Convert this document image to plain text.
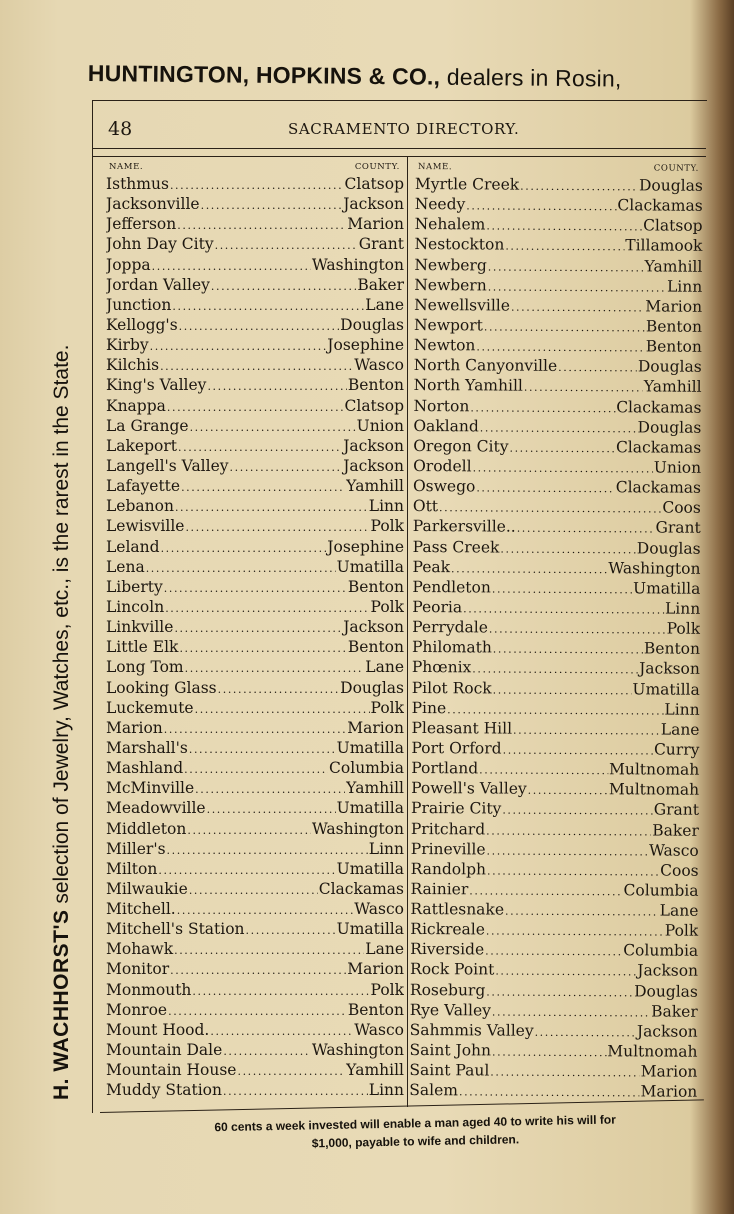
HUNTINGTON, HOPKINS & CO., dealers in Rosin,
H. WACHHORST'S selection of Jewelry, Watches, etc., is the rarest in the State.
48	SACRAMENTO DIRECTORY.
NAME.	COUNTY.
Isthmus .....	Clatsop
Jacksonville .....	Jackson
Jefferson .....	Marion
John Day City .....	Grant
Joppa .....	Washington
Jordan Valley .....	Baker
Junction .....	Lane
Kellogg's .....	Douglas
Kirby .....	Josephine
Kilchis .....	Wasco
King's Valley .....	Benton
Knappa .....	Clatsop
La Grange .....	Union
Lakeport .....	Jackson
Langell's Valley .....	Jackson
Lafayette .....	Yamhill
Lebanon .....	Linn
Lewisville .....	Polk
Leland .....	Josephine
Lena .....	Umatilla
Liberty .....	Benton
Lincoln .....	Polk
Linkville .....	Jackson
Little Elk .....	Benton
Long Tom .....	Lane
Looking Glass .....	Douglas
Luckemute .....	Polk
Marion .....	Marion
Marshall's .....	Umatilla
Mashland .....	Columbia
McMinville .....	Yamhill
Meadowville .....	Umatilla
Middleton .....	Washington
Miller's .....	Linn
Milton .....	Umatilla
Milwaukie .....	Clackamas
Mitchell. .....	Wasco
Mitchell's Station .....	Umatilla
Mohawk .....	Lane
Monitor .....	Marion
Monmouth .....	Polk
Monroe .....	Benton
Mount Hood. .....	Wasco
Mountain Dale .....	Washington
Mountain House .....	Yamhill
Muddy Station .....	Linn
NAME.	COUNTY.
Myrtle Creek .....	Douglas
Needy .....	Clackamas
Nehalem .....	Clatsop
Nestockton .....	Tillamook
Newberg .....	Yamhill
Newbern .....	Linn
Newellsville .....	Marion
Newport .....	Benton
Newton .....	Benton
North Canyonville .....	Douglas
North Yamhill .....	Yamhill
Norton .....	Clackamas
Oakland .....	Douglas
Oregon City .....	Clackamas
Orodell .....	Union
Oswego .....	Clackamas
Ott .....	Coos
Parkersville.. .....	Grant
Pass Creek .....	Douglas
Peak .....	Washington
Pendleton .....	Umatilla
Peoria .....	Linn
Perrydale .....	Polk
Philomath .....	Benton
Phœnix .....	Jackson
Pilot Rock .....	Umatilla
Pine .....	Linn
Pleasant Hill .....	Lane
Port Orford .....	Curry
Portland .....	Multnomah
Powell's Valley .....	Multnomah
Prairie City .....	Grant
Pritchard .....	Baker
Prineville .....	Wasco
Randolph .....	Coos
Rainier .....	Columbia
Rattlesnake .....	Lane
Rickreale .....	Polk
Riverside .....	Columbia
Rock Point .....	Jackson
Roseburg .....	Douglas
Rye Valley .....	Baker
Sahmmis Valley .....	Jackson
Saint John .....	Multnomah
Saint Paul .....	Marion
Salem .....	Marion
60 cents a week invested will enable a man aged 40 to write his will for
$1,000, payable to wife and children.
